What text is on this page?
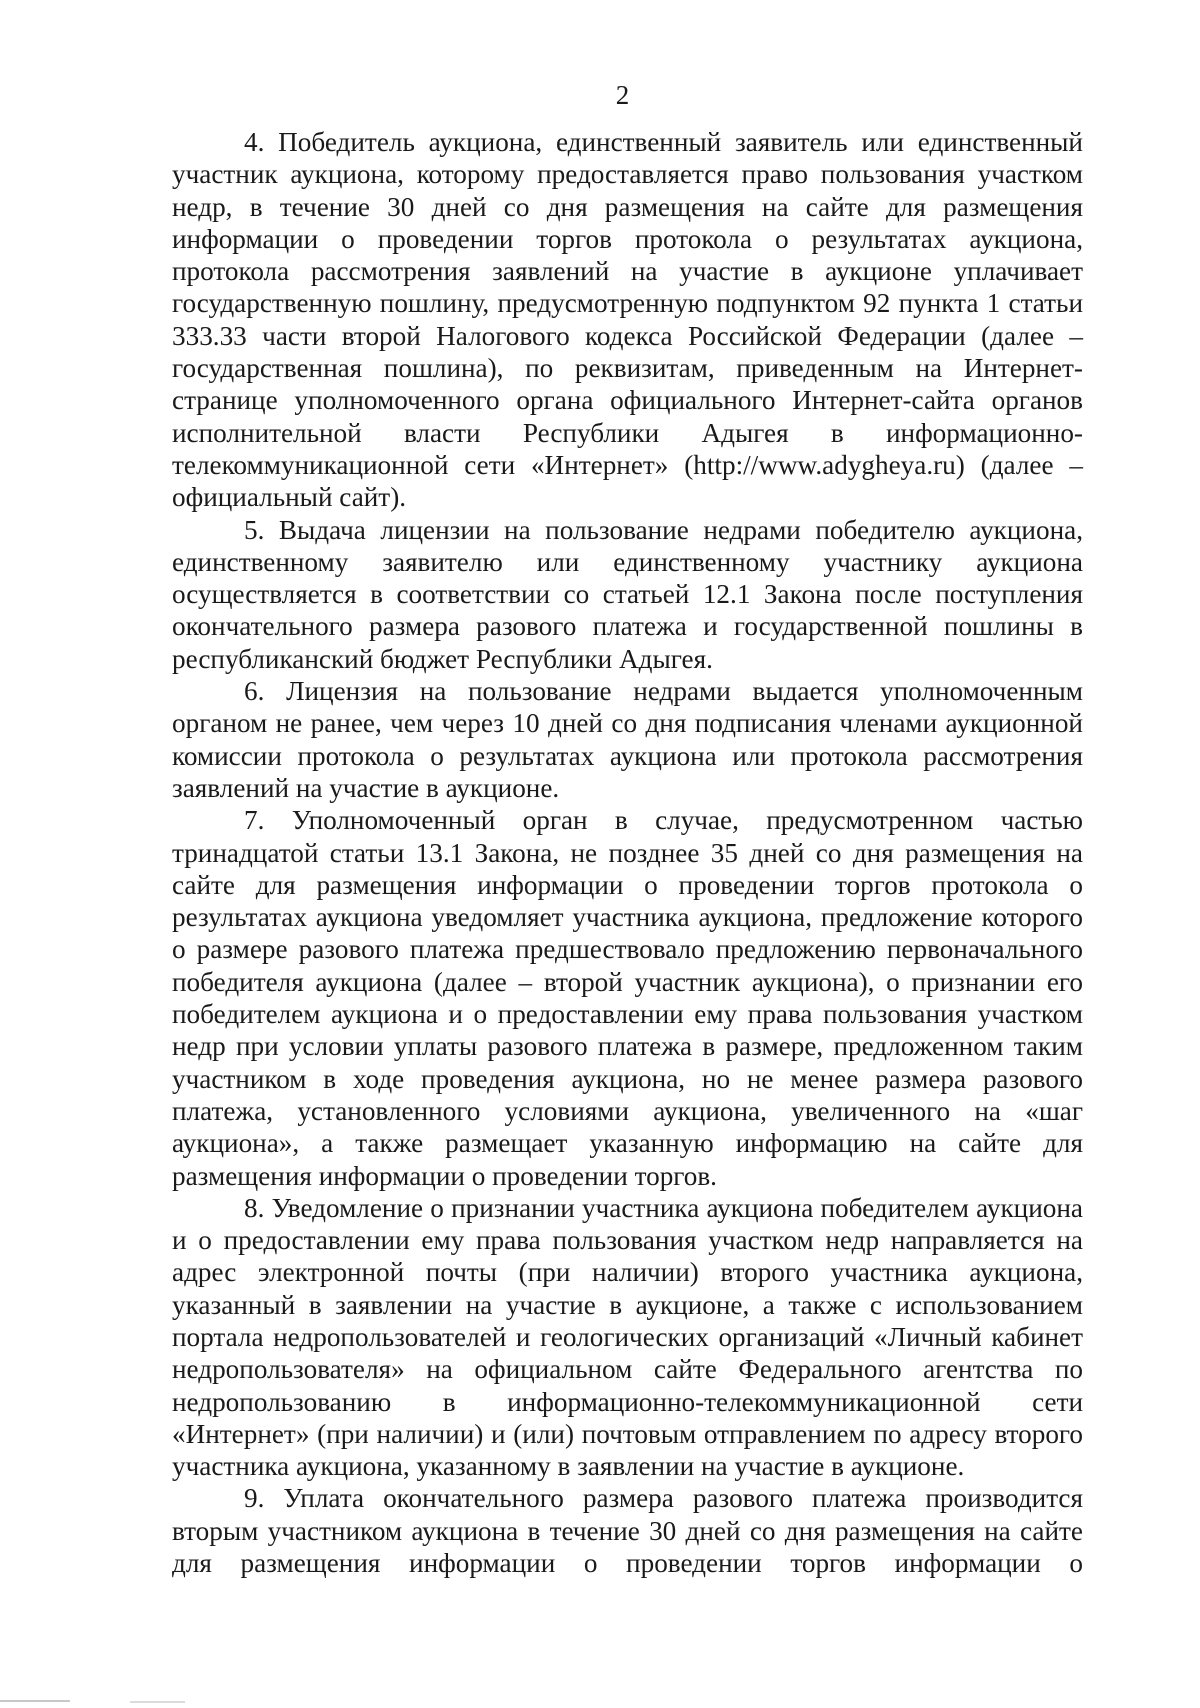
2

4. Победитель аукциона, единственный заявитель или единственный участник аукциона, которому предоставляется право пользования участком недр, в течение 30 дней со дня размещения на сайте для размещения информации о проведении торгов протокола о результатах аукциона, протокола рассмотрения заявлений на участие в аукционе уплачивает государственную пошлину, предусмотренную подпунктом 92 пункта 1 статьи 333.33 части второй Налогового кодекса Российской Федерации (далее – государственная пошлина), по реквизитам, приведенным на Интернет-странице уполномоченного органа официального Интернет-сайта органов исполнительной власти Республики Адыгея в информационно-телекоммуникационной сети «Интернет» (http://www.adygheya.ru) (далее – официальный сайт).

5. Выдача лицензии на пользование недрами победителю аукциона, единственному заявителю или единственному участнику аукциона осуществляется в соответствии со статьей 12.1 Закона после поступления окончательного размера разового платежа и государственной пошлины в республиканский бюджет Республики Адыгея.

6. Лицензия на пользование недрами выдается уполномоченным органом не ранее, чем через 10 дней со дня подписания членами аукционной комиссии протокола о результатах аукциона или протокола рассмотрения заявлений на участие в аукционе.

7. Уполномоченный орган в случае, предусмотренном частью тринадцатой статьи 13.1 Закона, не позднее 35 дней со дня размещения на сайте для размещения информации о проведении торгов протокола о результатах аукциона уведомляет участника аукциона, предложение которого о размере разового платежа предшествовало предложению первоначального победителя аукциона (далее – второй участник аукциона), о признании его победителем аукциона и о предоставлении ему права пользования участком недр при условии уплаты разового платежа в размере, предложенном таким участником в ходе проведения аукциона, но не менее размера разового платежа, установленного условиями аукциона, увеличенного на «шаг аукциона», а также размещает указанную информацию на сайте для размещения информации о проведении торгов.

8. Уведомление о признании участника аукциона победителем аукциона и о предоставлении ему права пользования участком недр направляется на адрес электронной почты (при наличии) второго участника аукциона, указанный в заявлении на участие в аукционе, а также с использованием портала недропользователей и геологических организаций «Личный кабинет недропользователя» на официальном сайте Федерального агентства по недропользованию в информационно-телекоммуникационной сети «Интернет» (при наличии) и (или) почтовым отправлением по адресу второго участника аукциона, указанному в заявлении на участие в аукционе.

9. Уплата окончательного размера разового платежа производится вторым участником аукциона в течение 30 дней со дня размещения на сайте для размещения информации о проведении торгов информации о
